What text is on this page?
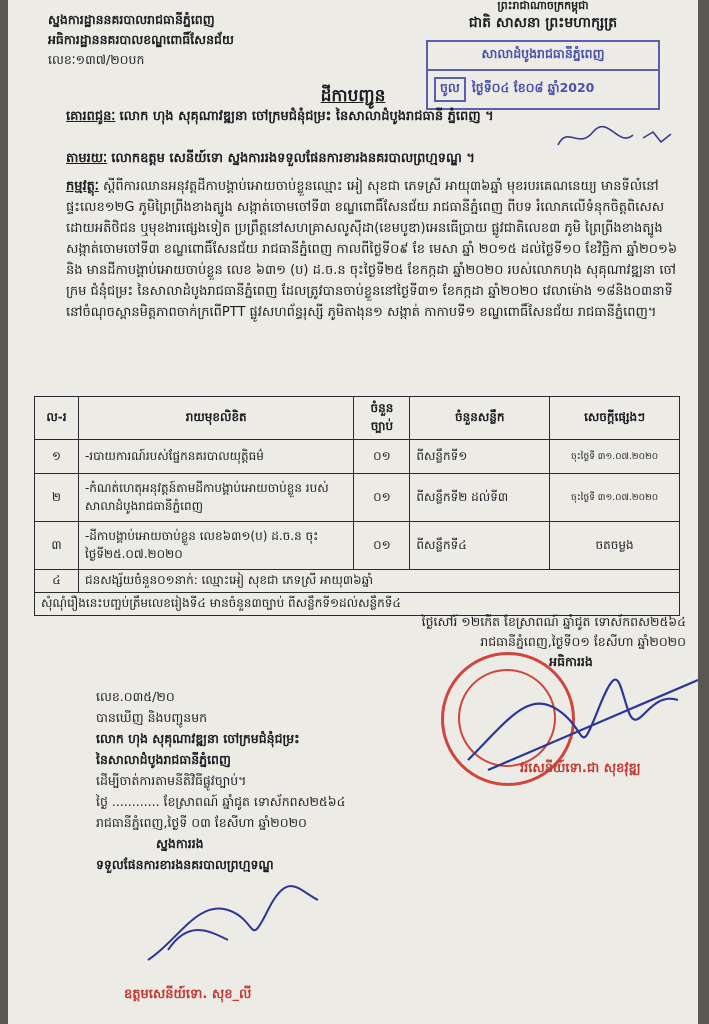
ស្នងការដ្ឋាននគរបាលរាជធានីភ្នំពេញ
អធិការដ្ឋាននគរបាលខណ្ឌពោធិ៍សែនជ័យ
លេខៈ១៣៧/២០បក
ព្រះរាជាណាចក្រកម្ពុជា
ជាតិ សាសនា ព្រះមហាក្សត្រ
សាលាដំបូងរាជធានីភ្នំពេញ
ចូល ថ្ងៃទី០៤ ខែ០៨ ឆ្នាំ2020
ដីកាបញ្ជូន
គោរពជូនៈ លោក ហុង សុគុណាវឌ្ឍនា ចៅក្រមជំនុំជម្រះ នៃសាលាដំបូងរាជធានី ភ្នំពេញ ។
តាមរយៈ លោកឧត្តម សេនីយ៍ទោ ស្នងការរងទទួលផែនការខារងនគរបាលព្រហ្មទណ្ឌ ។
កម្មវត្ថុៈ ស្តីពីការឈានអនុវត្តដីកាបង្គាប់អោយចាប់ខ្លួនឈ្មោះ អៀ សុខជា ភេទស្រី អាយុ៣៦ឆ្នាំ មុខរបរគេណនេយ្យ មានទីលំនៅផ្ទះលេខ១២G ភូមិព្រៃព្រីងខាងត្បូង សង្កាត់ចោមចៅទី៣ ខណ្ឌពោធិ៍សែនជ័យ រាជធានីភ្នំពេញ ពីបទ រំលោភលើទំនុកចិត្តពិសេសដោយអតិថិជន ឬមុខងារផ្សេងទៀត ប្រព្រឹត្តនៅសហគ្រាសលូសុីដា(ខេមបូឌា)អេនធើប្រាយ ផ្លូវជាតិលេខ៣ ភូមិ ព្រៃព្រីងខាងត្បូង សង្កាត់ចោមចៅទី៣ ខណ្ឌពោធិ៍សែនជ័យ រាជធានីភ្នំពេញ កាលពីថ្ងៃទី០៩ ខែ មេសា ឆ្នាំ ២០១៥ ដល់ថ្ងៃទី១០ ខែវិច្ឆិកា ឆ្នាំ២០១៦ និង មានដីកាបង្គាប់អោយចាប់ខ្លួន លេខ ៦៣១ (ប) ដ.ច.ន ចុះថ្ងៃទី២៥ ខែកក្កដា ឆ្នាំ២០២០ របស់លោកហុង សុគុណាវឌ្ឍនា ចៅក្រម ជំនុំជម្រះ នៃសាលាដំបូងរាជធានីភ្នំពេញ ដែលត្រូវបានចាប់ខ្លួននៅថ្ងៃទី៣១ ខែកក្កដា ឆ្នាំ២០២០ វេលាម៉ោង ១៨និង០៣នាទី នៅចំណុចស្ពានមិត្តភាពចាក់ក្រពើPTT ផ្លូវសហព័ន្ធរុស្សី ភូមិតាងុន១ សង្កាត់ កាកាបទី១ ខណ្ឌពោធិ៍សែនជ័យ រាជធានីភ្នំពេញ។
ល-រ	រាយមុខលិខិត	ចំនួនច្បាប់	ចំនួនសន្លឹក	សេចក្តីផ្សេងៗ
១	-របាយការណ៍របស់ផ្នែកនគរបាលយុត្តិធម៌	០១	ពីសន្លឹកទី១	ចុះថ្ងៃទី ៣១.០៧.២០២០
២	-កំណត់ហេតុអនុវត្តន៍តាមដីកាបង្គាប់អោយចាប់ខ្លួន របស់សាលាដំបូងរាជធានីភ្នំពេញ	០១	ពីសន្លឹកទី២ ដល់ទី៣	ចុះថ្ងៃទី ៣១.០៧.២០២០
៣	-ដីកាបង្គាប់អោយចាប់ខ្លួន លេខ៦៣១(ប) ដ.ច.ន ចុះថ្ងៃទី២៥.០៧.២០២០	០១	ពីសន្លឹកទី៤	ចតចម្លង
៤	ជនសង្ស័យចំនួន០១នាក់: ឈ្មោះអៀ សុខជា ភេទស្រី អាយុ៣៦ឆ្នាំ			
សុំណុំរឿងនេះបញ្ចប់ត្រឹមលេខរៀងទី៤ មានចំនួន៣ច្បាប់ ពីសន្លឹកទី១ដល់សន្លឹកទី៤				
ថ្ងៃសៅរ៍ ១២កើត ខែស្រាពណ៍ ឆ្នាំជូត ទោស័កពស២៥៦៤
រាជធានីភ្នំពេញ,ថ្ងៃទី០១ ខែសីហា ឆ្នាំ២០២០
អធិការរង
វរសេនីយ៍ទោ.ជា សុខវុឌ្ឍ
លេខ.០៣៥/២០
បានឃើញ និងបញ្ជូនមក
លោក ហុង សុគុណាវឌ្ឍនា ចៅក្រមជំនុំជម្រះ
នៃសាលាដំបូងរាជធានីភ្នំពេញ
ដើម្បីចាត់ការតាមនីតិវិធីផ្លូវច្បាប់។
ថ្ងៃ ............ ខែស្រាពណ៍ ឆ្នាំជូត ទោស័កពស២៥៦៤
រាជធានីភ្នំពេញ,ថ្ងៃទី ០៣ ខែសីហា ឆ្នាំ២០២០
ស្នងការរង
ទទួលផែនការខារងនគរបាលព្រហ្មទណ្ឌ
ឧត្តមសេនីយ៍ទោ. សុខ_លី
